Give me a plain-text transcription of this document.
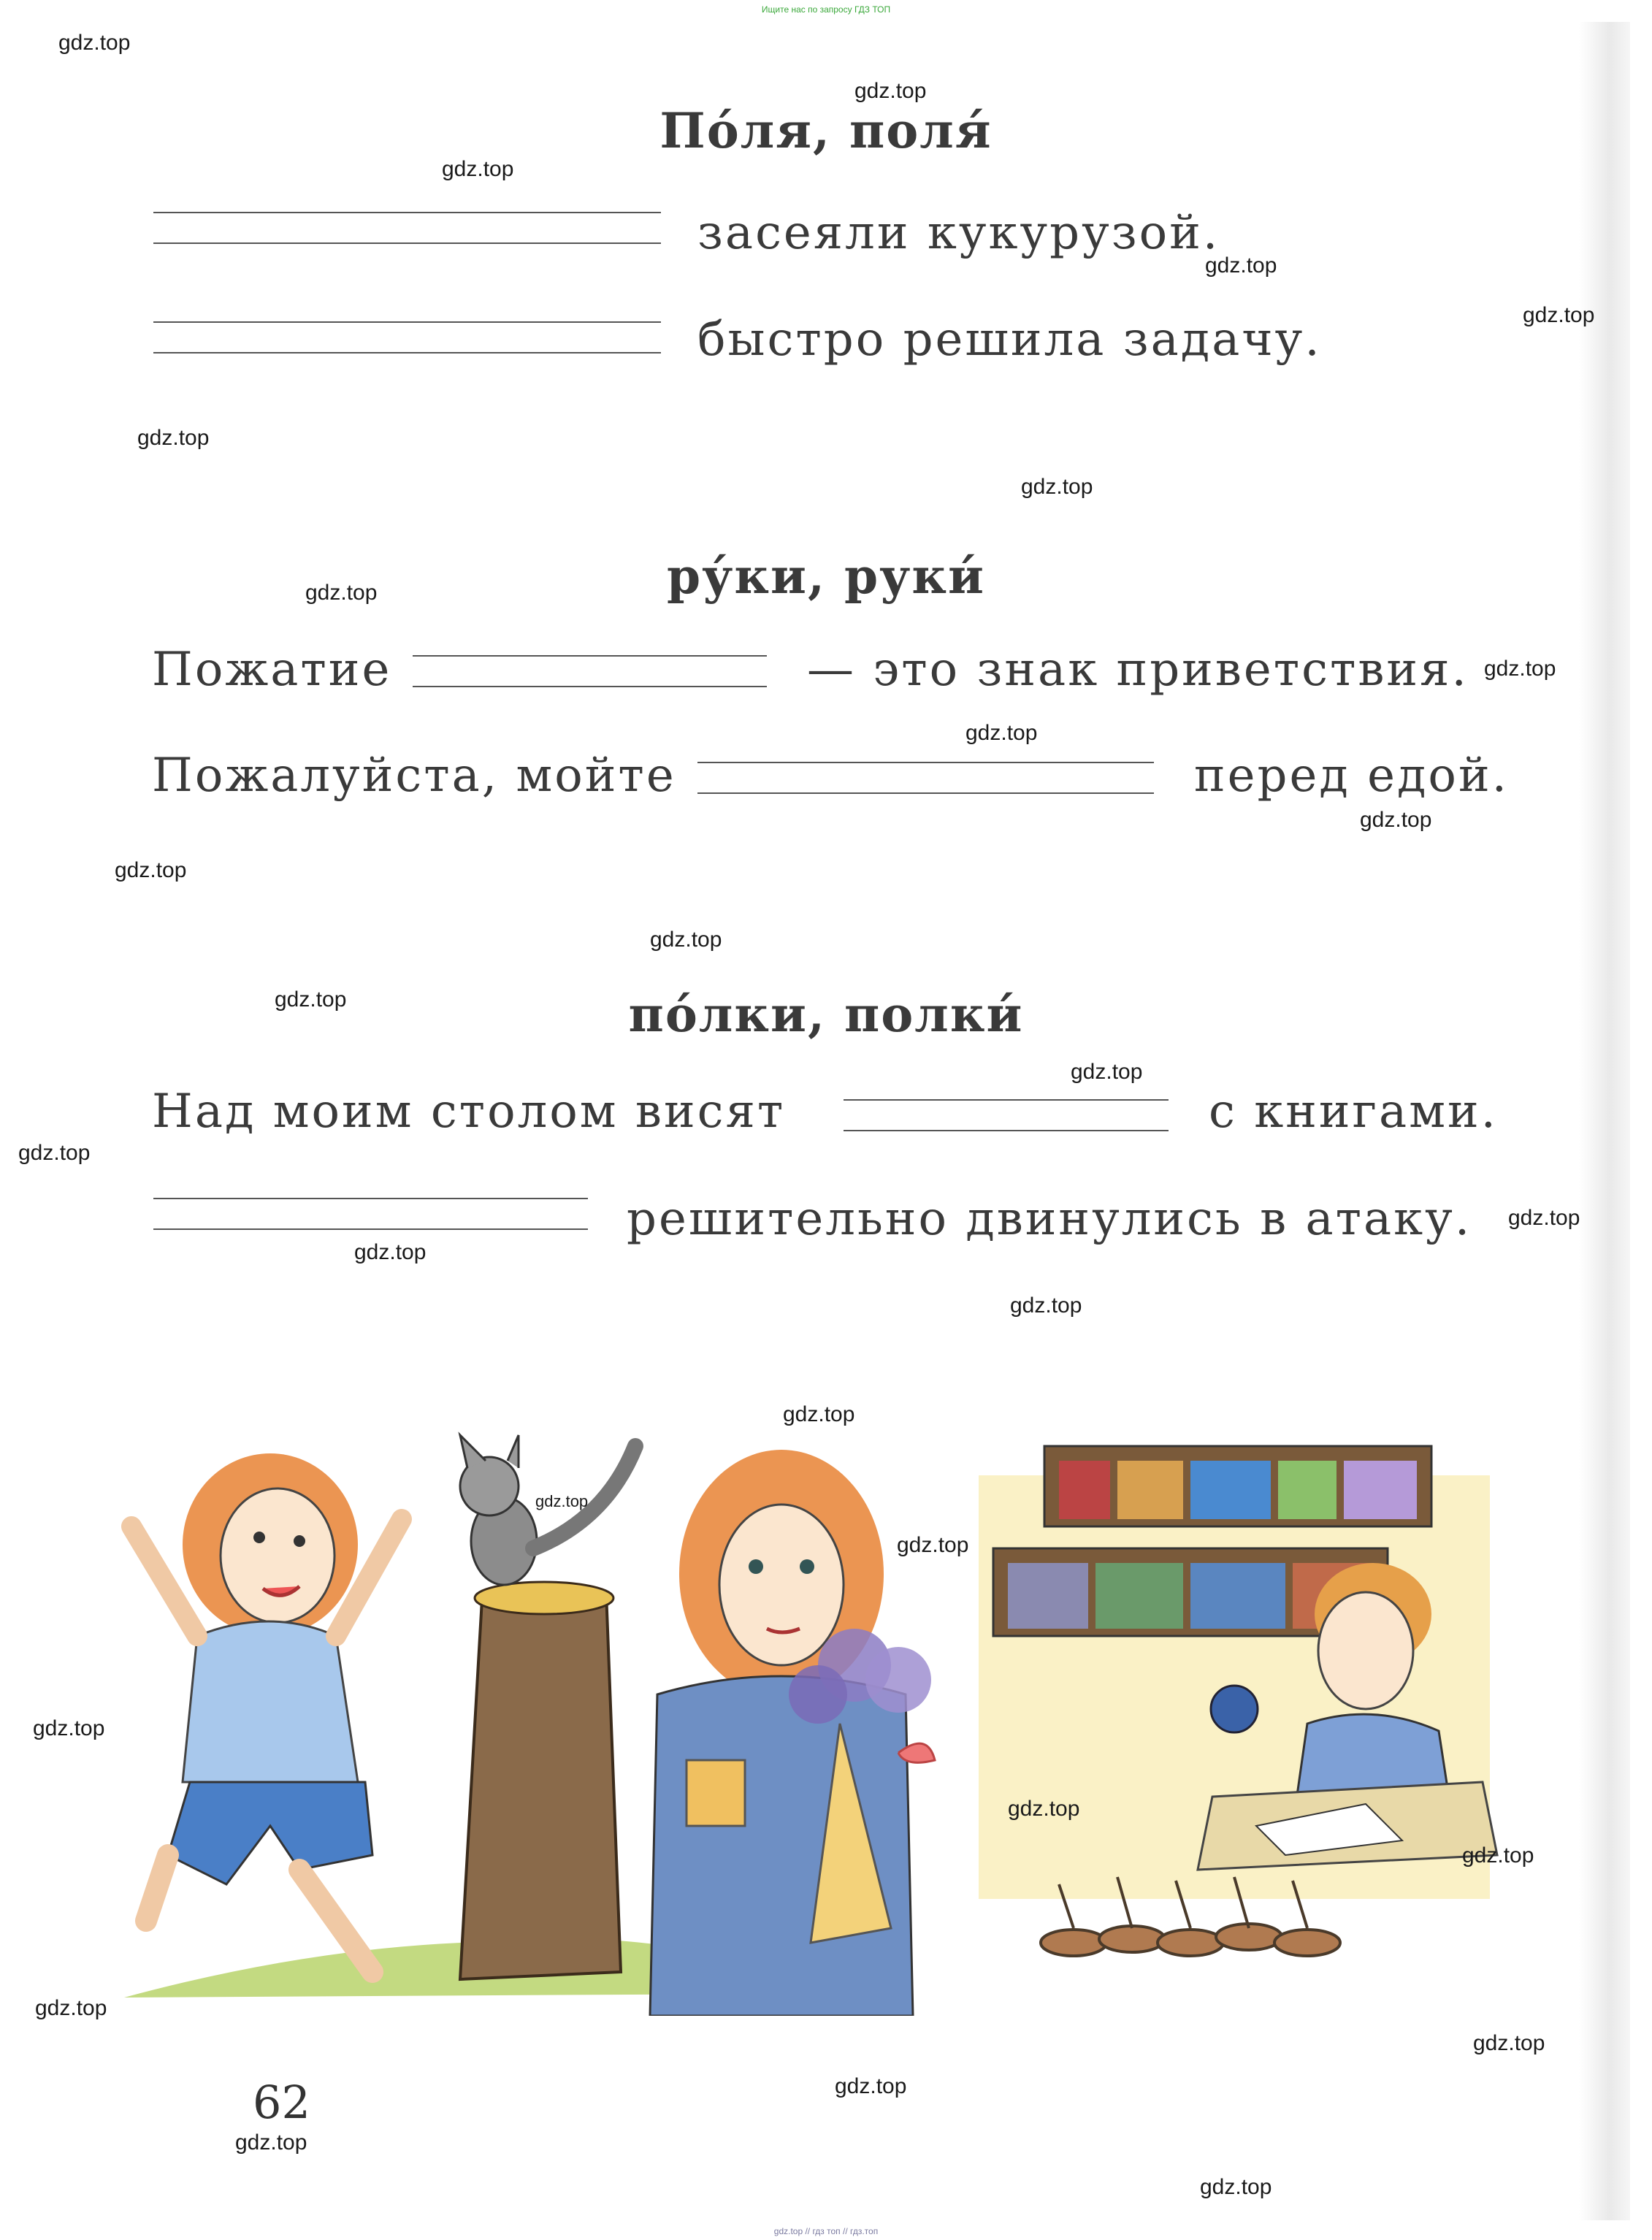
Ищите нас по запросу ГДЗ ТОП
По́ля, поля́
засеяли кукурузой.
быстро решила задачу.
ру́ки, руки́
Пожатие	— это знак приветствия.
Пожалуйста, мойте	перед едой.
по́лки, полки́
Над моим столом висят	с книгами.
решительно двинулись в атаку.
62
gdz.top
gdz.top
gdz.top
gdz.top
gdz.top
gdz.top
gdz.top
gdz.top
gdz.top
gdz.top
gdz.top
gdz.top
gdz.top
gdz.top
gdz.top
gdz.top
gdz.top
gdz.top
gdz.top
gdz.top
gdz.top
gdz.top
gdz.top
gdz.top
gdz.top
gdz.top
gdz.top
gdz.top
gdz.top
gdz.top
gdz.top // гдз топ // гдз.топ
